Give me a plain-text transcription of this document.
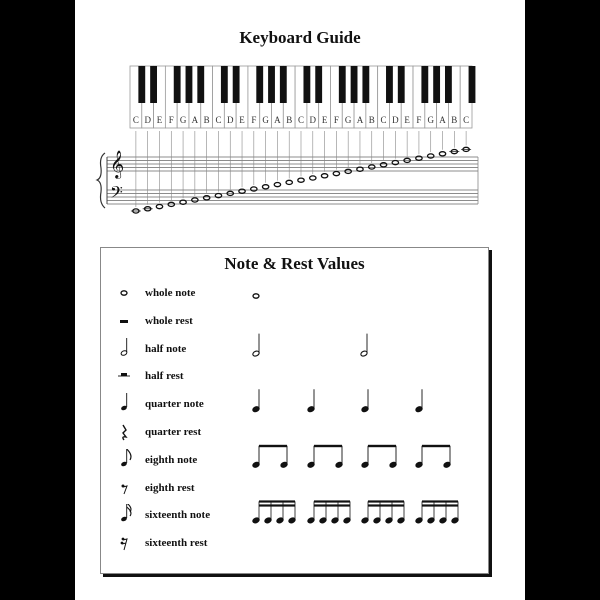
Keyboard Guide
C D E F G A B C D E F G A B C D E F G A B C D E F G A B C
𝄞
𝄢
Note & Rest Values
whole note
whole rest
half note
half rest
quarter note
quarter rest
eighth note
eighth rest
sixteenth note
sixteenth rest
